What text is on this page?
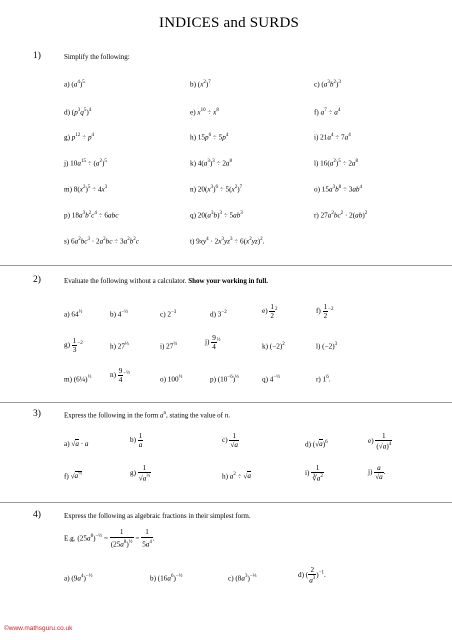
INDICES and SURDS
1)	Simplify the following:
a) $(a^4)^5$	b) $(x^2)^7$	c) $(a^3b^2)^3$
d) $(p^3q^5)^4$	e) $x^{10} \div x^8$	f) $a^7 \div a^4$
g) $p^{12} \div p^4$	h) $15p^6 \div 5p^4$	i) $21a^4 \div 7a^4$
j) $10a^{15} \div (a^2)^5$	k) $4(a^3)^3 \div 2a^8$	l) $16(a^2)^5 \div 2a^8$
m) $8(x^2)^5 \div 4x^3$	n) $20(x^3)^6 \div 5(x^2)^7$	o) $15a^3b^8 \div 3ab^4$
p) $18a^3b^2c^4 \div 6abc$	q) $20(a^3b)^3 \div 5ab^3$	r) $27a^2bc^2 \cdot 2(ab)^2$
s) $6a^2bc^3 \cdot 2a^2bc \div 3a^2b^2c$	t) $9xy^4 \cdot 2x^3yz^3 \div 6(x^2yz)^2$.
2)	Evaluate the following without a calculator. Show your working in full.
a) $64^{\frac{1}{2}}$	b) $4^{-\frac{1}{2}}$	c) $2^{-3}$	d) $3^{-2}$	e) 1
$2^2$	f) 1
$2^{-2}$
g) 1
$3^{-2}$	h) $27^{\frac{1}{3}}$	i) $27^{\frac{2}{3}}$	j) 9
$4^{\frac{1}{2}}$
k) $(-2)^2$	l) $(-2)^3$
m) (6¼)$^{\frac{1}{2}}$	n) 9
$4^{-\frac{1}{2}}$
o) $100^{\frac{1}{2}}$	p) $(10^{-6})^{\frac{1}{3}}$	q) $4^{-\frac{1}{2}}$	r) $1^6$.
3)	Express the following in the form $a^n$, stating the value of n.
a) √a · a	b) 1
a
c) 1
√a	d) $(√a)^6$	e) 1
$(√a)^4$
f) $√a^{\frac{2}{3}}$	g) 1
$√a^{\frac{2}{3}}$	h) $a^2 \div √a$	i) 1
$∛a^2$
$j) \frac{a}{√a}$.
4)	Express the following as algebraic fractions in their simplest form.
E.g. $(25a^8)^{-\frac{1}{2}} = 1$
$(25a^8)^{\frac{1}{2}} = 1$
$5a^4$.
a) $(9a^4)^{-\frac{1}{2}}$	b) $(16a^6)^{-\frac{1}{2}}$	c) $(8a^3)^{-\frac{1}{3}}$	d) (2
$a^3)^{-1}$.
©www.mathsguru.co.uk
